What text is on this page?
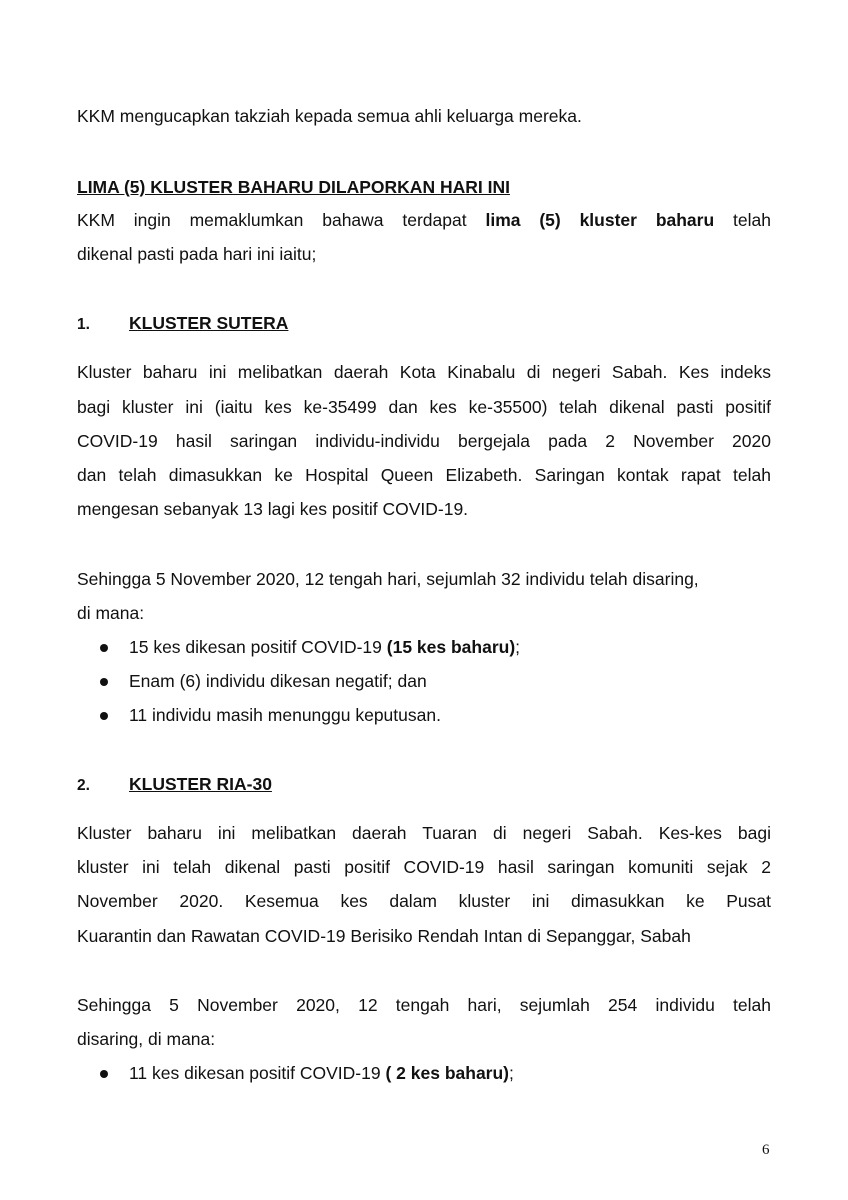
KKM mengucapkan takziah kepada semua ahli keluarga mereka.
LIMA (5) KLUSTER BAHARU DILAPORKAN HARI INI
KKM ingin memaklumkan bahawa terdapat lima (5) kluster baharu telah
dikenal pasti pada hari ini iaitu;
1. KLUSTER SUTERA
Kluster baharu ini melibatkan daerah Kota Kinabalu di negeri Sabah. Kes indeks
bagi kluster ini (iaitu kes ke-35499 dan kes ke-35500) telah dikenal pasti positif
COVID-19 hasil saringan individu-individu bergejala pada 2 November 2020
dan telah dimasukkan ke Hospital Queen Elizabeth. Saringan kontak rapat telah
mengesan sebanyak 13 lagi kes positif COVID-19.
Sehingga 5 November 2020, 12 tengah hari, sejumlah 32 individu telah disaring,
di mana:
15 kes dikesan positif COVID-19 (15 kes baharu);
Enam (6) individu dikesan negatif; dan
11 individu masih menunggu keputusan.
2. KLUSTER RIA-30
Kluster baharu ini melibatkan daerah Tuaran di negeri Sabah. Kes-kes bagi
kluster ini telah dikenal pasti positif COVID-19 hasil saringan komuniti sejak 2
November 2020. Kesemua kes dalam kluster ini dimasukkan ke Pusat
Kuarantin dan Rawatan COVID-19 Berisiko Rendah Intan di Sepanggar, Sabah
Sehingga 5 November 2020, 12 tengah hari, sejumlah 254 individu telah
disaring, di mana:
11 kes dikesan positif COVID-19 ( 2 kes baharu);
6
